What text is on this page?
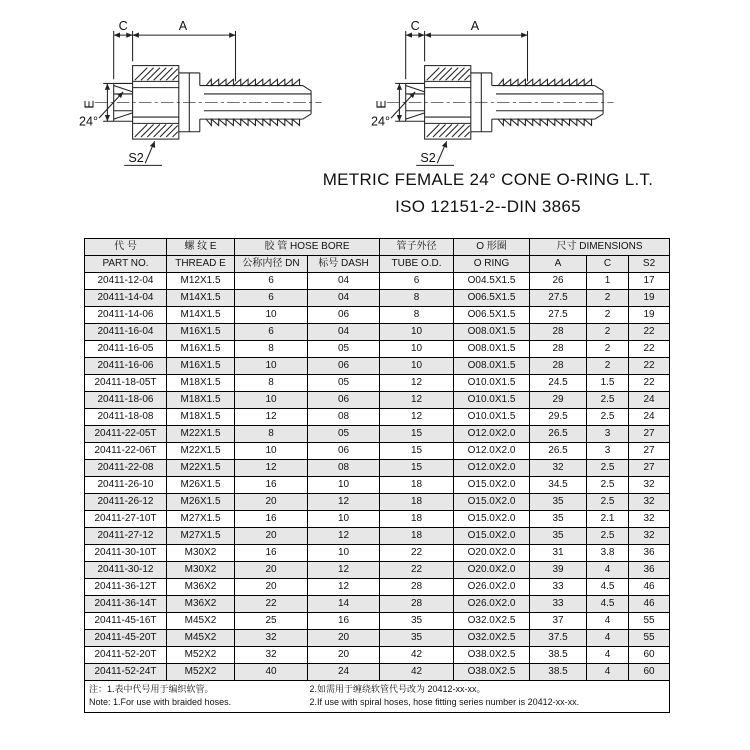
C	A
24°
E
S2
C	A
24°
E
S2
METRIC FEMALE 24° CONE O-RING L.T.
ISO 12151-2--DIN 3865
代 号	螺 纹 E	胶 管 HOSE BORE		管子外径	O 形圈	尺寸 DIMENSIONS		
PART NO.	THREAD E	公称内径 DN	标号 DASH	TUBE O.D.	O RING	A	C	S2
20411-12-04	M12X1.5	6	04	6	O04.5X1.5	26	1	17
20411-14-04	M14X1.5	6	04	8	O06.5X1.5	27.5	2	19
20411-14-06	M14X1.5	10	06	8	O06.5X1.5	27.5	2	19
20411-16-04	M16X1.5	6	04	10	O08.0X1.5	28	2	22
20411-16-05	M16X1.5	8	05	10	O08.0X1.5	28	2	22
20411-16-06	M16X1.5	10	06	10	O08.0X1.5	28	2	22
20411-18-05T	M18X1.5	8	05	12	O10.0X1.5	24.5	1.5	22
20411-18-06	M18X1.5	10	06	12	O10.0X1.5	29	2.5	24
20411-18-08	M18X1.5	12	08	12	O10.0X1.5	29.5	2.5	24
20411-22-05T	M22X1.5	8	05	15	O12.0X2.0	26.5	3	27
20411-22-06T	M22X1.5	10	06	15	O12.0X2.0	26.5	3	27
20411-22-08	M22X1.5	12	08	15	O12.0X2.0	32	2.5	27
20411-26-10	M26X1.5	16	10	18	O15.0X2.0	34.5	2.5	32
20411-26-12	M26X1.5	20	12	18	O15.0X2.0	35	2.5	32
20411-27-10T	M27X1.5	16	10	18	O15.0X2.0	35	2.1	32
20411-27-12	M27X1.5	20	12	18	O15.0X2.0	35	2.5	32
20411-30-10T	M30X2	16	10	22	O20.0X2.0	31	3.8	36
20411-30-12	M30X2	20	12	22	O20.0X2.0	39	4	36
20411-36-12T	M36X2	20	12	28	O26.0X2.0	33	4.5	46
20411-36-14T	M36X2	22	14	28	O26.0X2.0	33	4.5	46
20411-45-16T	M45X2	25	16	35	O32.0X2.5	37	4	55
20411-45-20T	M45X2	32	20	35	O32.0X2.5	37.5	4	55
20411-52-20T	M52X2	32	20	42	O38.0X2.5	38.5	4	60
20411-52-24T	M52X2	40	24	42	O38.0X2.5	38.5	4	60

注：1.表中代号用于编织软管。 2.如需用于缠绕软管代号改为 20412-xx-xx。
Note: 1.For use with braided hoses. 2.If use with spiral hoses, hose fitting series number is 20412-xx-xx.								
